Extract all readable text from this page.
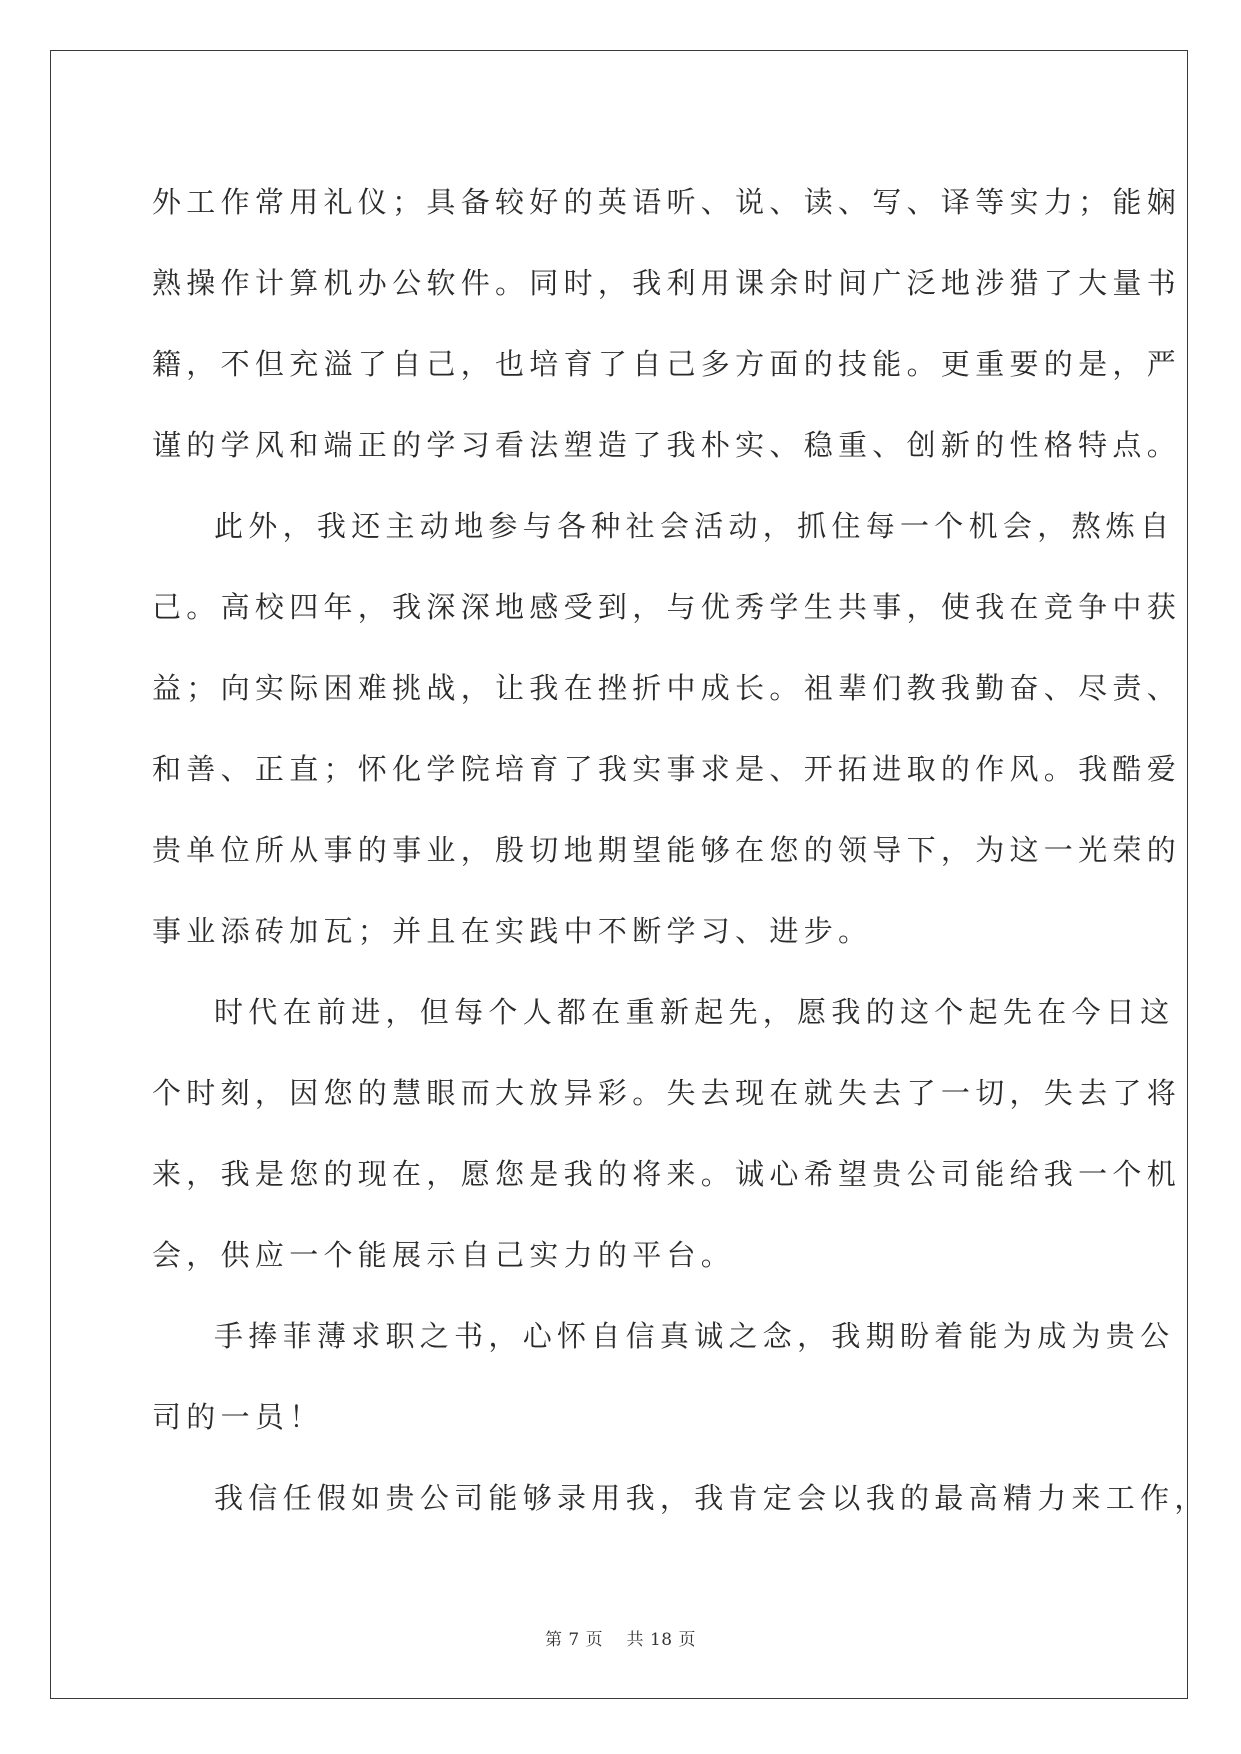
外工作常用礼仪；具备较好的英语听、说、读、写、译等实力；能娴
熟操作计算机办公软件。同时，我利用课余时间广泛地涉猎了大量书
籍，不但充溢了自己，也培育了自己多方面的技能。更重要的是，严
谨的学风和端正的学习看法塑造了我朴实、稳重、创新的性格特点。
此外，我还主动地参与各种社会活动，抓住每一个机会，熬炼自
己。高校四年，我深深地感受到，与优秀学生共事，使我在竞争中获
益；向实际困难挑战，让我在挫折中成长。祖辈们教我勤奋、尽责、
和善、正直；怀化学院培育了我实事求是、开拓进取的作风。我酷爱
贵单位所从事的事业，殷切地期望能够在您的领导下，为这一光荣的
事业添砖加瓦；并且在实践中不断学习、进步。
时代在前进，但每个人都在重新起先，愿我的这个起先在今日这
个时刻，因您的慧眼而大放异彩。失去现在就失去了一切，失去了将
来，我是您的现在，愿您是我的将来。诚心希望贵公司能给我一个机
会，供应一个能展示自己实力的平台。
手捧菲薄求职之书，心怀自信真诚之念，我期盼着能为成为贵公
司的一员！
我信任假如贵公司能够录用我，我肯定会以我的最高精力来工作，
第 7 页　 共 18 页
